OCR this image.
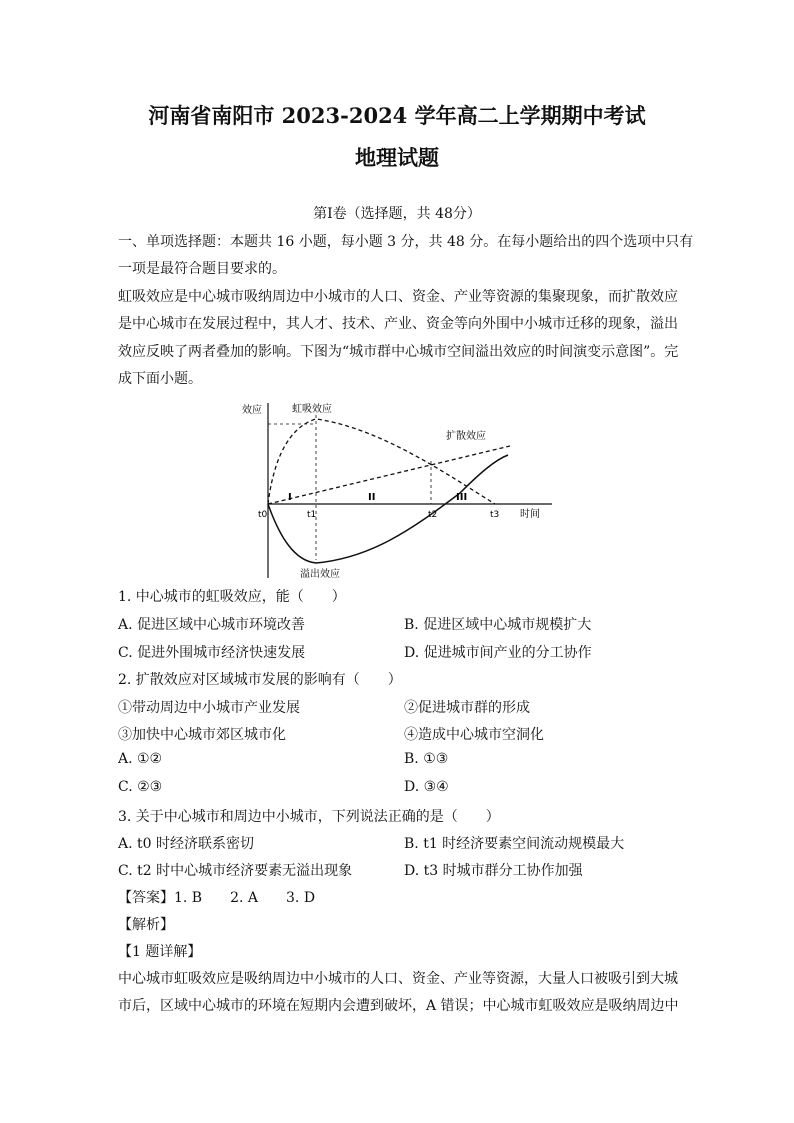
河南省南阳市 2023-2024 学年高二上学期期中考试
地理试题
第Ⅰ卷（选择题，共 48分）
一、单项选择题：本题共 16 小题，每小题 3 分，共 48 分。在每小题给出的四个选项中只有
一项是最符合题目要求的。
虹吸效应是中心城市吸纳周边中小城市的人口、资金、产业等资源的集聚现象，而扩散效应
是中心城市在发展过程中，其人才、技术、产业、资金等向外围中小城市迁移的现象，溢出
效应反映了两者叠加的影响。下图为“城市群中心城市空间溢出效应的时间演变示意图”。完
成下面小题。
效应
时间
虹吸效应
扩散效应
溢出效应
t0	t1	t2	t3
I	II	III
1. 中心城市的虹吸效应，能（　　）
A. 促进区域中心城市环境改善	B. 促进区域中心城市规模扩大
C. 促进外围城市经济快速发展	D. 促进城市间产业的分工协作
2. 扩散效应对区域城市发展的影响有（　　）
①带动周边中小城市产业发展	②促进城市群的形成
③加快中心城市郊区城市化	④造成中心城市空洞化
A. ①②	B. ①③
C. ②③	D. ③④
3. 关于中心城市和周边中小城市，下列说法正确的是（　　）
A. t0 时经济联系密切	B. t1 时经济要素空间流动规模最大
C. t2 时中心城市经济要素无溢出现象	D. t3 时城市群分工协作加强
【答案】1. B　　2. A　　3. D
【解析】
【1 题详解】
中心城市虹吸效应是吸纳周边中小城市的人口、资金、产业等资源，大量人口被吸引到大城
市后，区域中心城市的环境在短期内会遭到破坏，A 错误；中心城市虹吸效应是吸纳周边中
